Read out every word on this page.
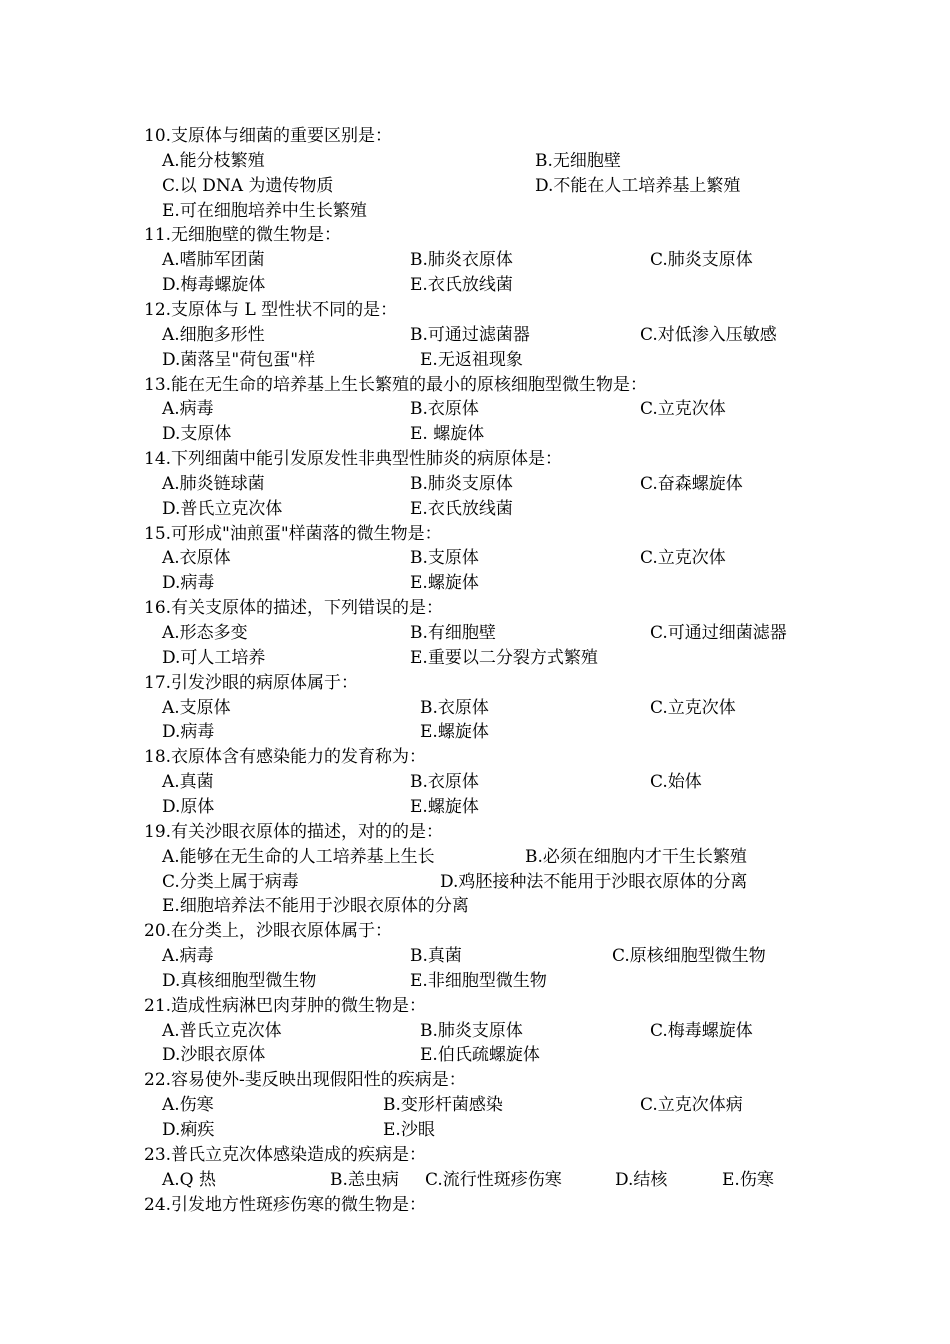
10.支原体与细菌的重要区别是：
A.能分枝繁殖	B.无细胞壁
C.以 DNA 为遗传物质	D.不能在人工培养基上繁殖
E.可在细胞培养中生长繁殖
11.无细胞壁的微生物是：
A.嗜肺军团菌	B.肺炎衣原体	C.肺炎支原体
D.梅毒螺旋体	E.衣氏放线菌
12.支原体与 L 型性状不同的是：
A.细胞多形性	B.可通过滤菌器	C.对低渗入压敏感
D.菌落呈"荷包蛋"样	E.无返祖现象
13.能在无生命的培养基上生长繁殖的最小的原核细胞型微生物是：
A.病毒	B.衣原体	C.立克次体
D.支原体	E. 螺旋体
14.下列细菌中能引发原发性非典型性肺炎的病原体是：
A.肺炎链球菌	B.肺炎支原体	C.奋森螺旋体
D.普氏立克次体	E.衣氏放线菌
15.可形成"油煎蛋"样菌落的微生物是：
A.衣原体	B.支原体	C.立克次体
D.病毒	E.螺旋体
16.有关支原体的描述，下列错误的是：
A.形态多变	B.有细胞壁	C.可通过细菌滤器
D.可人工培养	E.重要以二分裂方式繁殖
17.引发沙眼的病原体属于：
A.支原体	B.衣原体	C.立克次体
D.病毒	E.螺旋体
18.衣原体含有感染能力的发育称为：
A.真菌	B.衣原体	C.始体
D.原体	E.螺旋体
19.有关沙眼衣原体的描述，对的的是：
A.能够在无生命的人工培养基上生长	B.必须在细胞内才干生长繁殖
C.分类上属于病毒	D.鸡胚接种法不能用于沙眼衣原体的分离
E.细胞培养法不能用于沙眼衣原体的分离
20.在分类上，沙眼衣原体属于：
A.病毒	B.真菌	C.原核细胞型微生物
D.真核细胞型微生物	E.非细胞型微生物
21.造成性病淋巴肉芽肿的微生物是：
A.普氏立克次体	B.肺炎支原体	C.梅毒螺旋体
D.沙眼衣原体	E.伯氏疏螺旋体
22.容易使外-斐反映出现假阳性的疾病是：
A.伤寒	B.变形杆菌感染	C.立克次体病
D.痢疾	E.沙眼
23.普氏立克次体感染造成的疾病是：
A.Q 热	B.恙虫病 C.流行性斑疹伤寒	D.结核	E.伤寒
24.引发地方性斑疹伤寒的微生物是：
